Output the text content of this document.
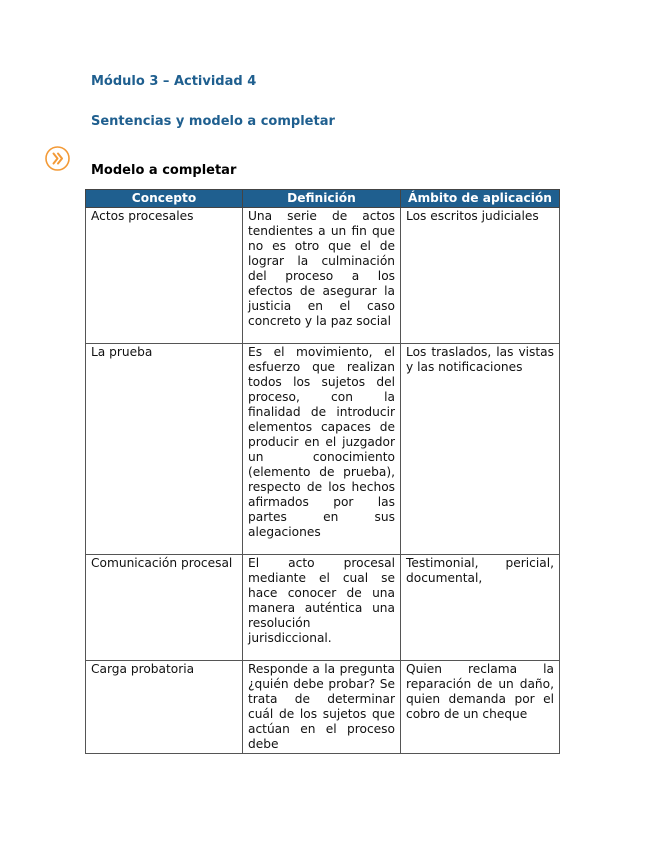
Módulo 3 – Actividad 4
Sentencias y modelo a completar
Modelo a completar
Concepto	Definición	Ámbito de aplicación
Actos procesales	Una serie de actos tendientes a un fin que no es otro que el de lograr la culminación del proceso a los efectos de asegurar la justicia en el caso concreto y la paz social	Los escritos judiciales
La prueba	Es el movimiento, el esfuerzo que realizan todos los sujetos del proceso, con la finalidad de introducir elementos capaces de producir en el juzgador un conocimiento (elemento de prueba), respecto de los hechos afirmados por las partes en sus alegaciones	Los traslados, las vistas y las notificaciones
Comunicación procesal	El acto procesal mediante el cual se hace conocer de una manera auténtica una resolución jurisdiccional.	Testimonial, pericial, documental,
Carga probatoria	Responde a la pregunta ¿quién debe probar? Se trata de determinar cuál de los sujetos que actúan en el proceso debe	Quien reclama la reparación de un daño, quien demanda por el cobro de un cheque
